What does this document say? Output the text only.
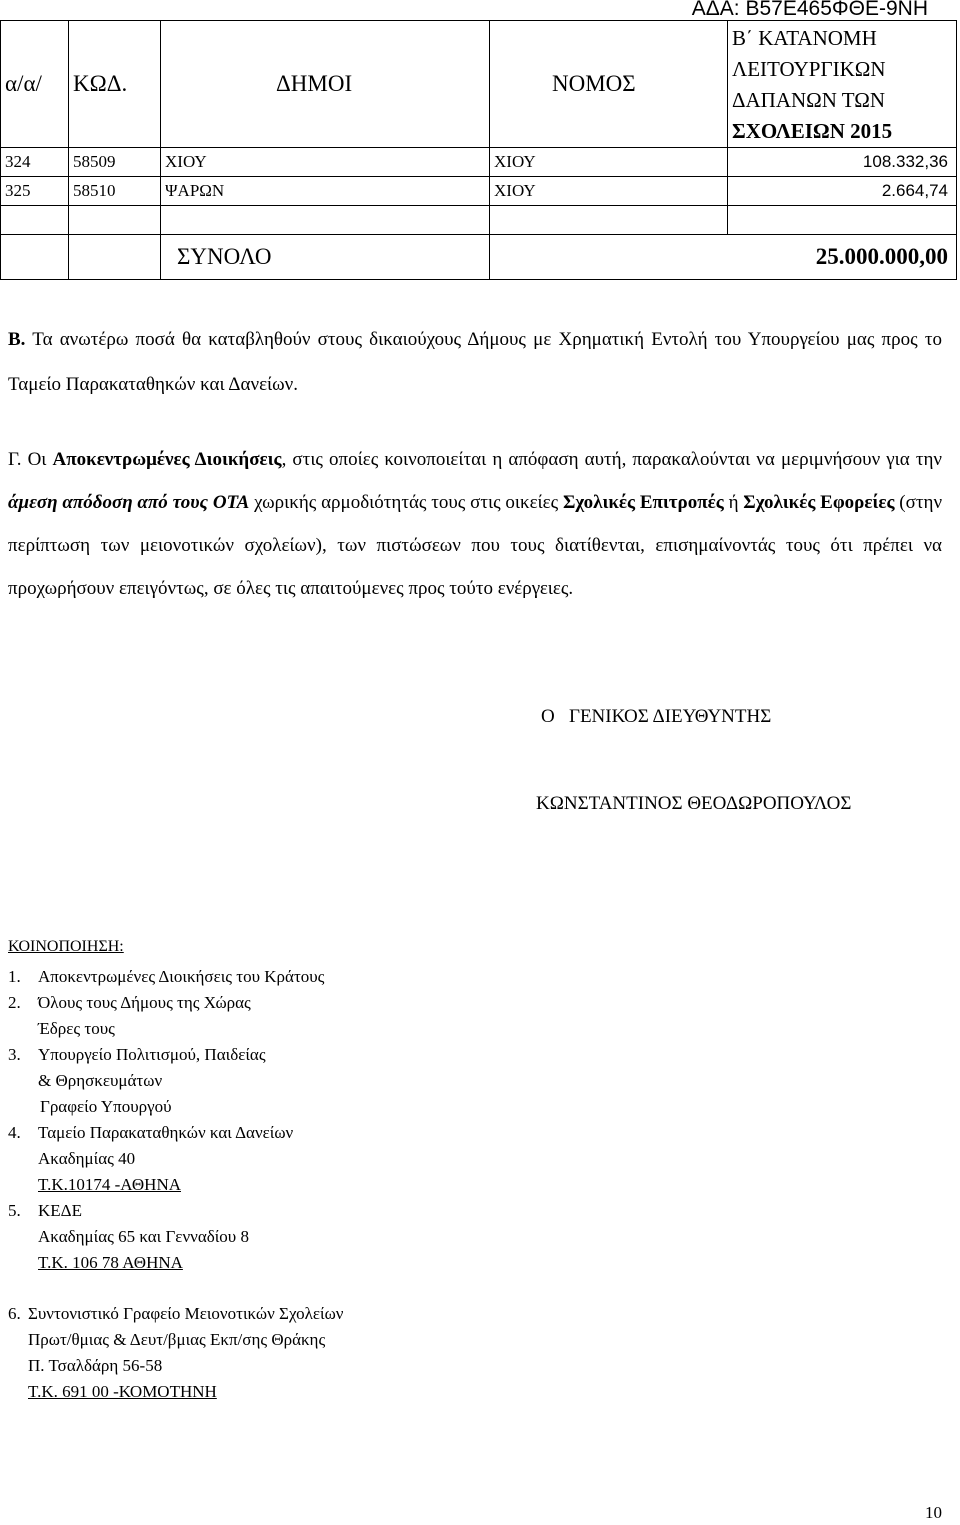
ΑΔΑ: Β57Ε465ΦΘΕ-9ΝΗ
α/α/	ΚΩΔ.	ΔΗΜΟΙ	ΝΟΜΟΣ	Β΄ ΚΑΤΑΝΟΜΗ
ΛΕΙΤΟΥΡΓΙΚΩΝ
ΔΑΠΑΝΩΝ ΤΩΝ
ΣΧΟΛΕΙΩΝ 2015

324	58509	ΧΙΟΥ	ΧΙΟΥ	108.332,36
325	58510	ΨΑΡΩΝ	ΧΙΟΥ	2.664,74

		ΣΥΝΟΛΟ	25.000.000,00	

Β. Τα ανωτέρω ποσά θα καταβληθούν στους δικαιούχους Δήμους με Χρηματική Εντολή του Υπουργείου μας προς το Ταμείο Παρακαταθηκών και Δανείων.

Γ. Οι Αποκεντρωμένες Διοικήσεις, στις οποίες κοινοποιείται η απόφαση αυτή, παρακαλούνται να μεριμνήσουν για την άμεση απόδοση από τους ΟΤΑ χωρικής αρμοδιότητάς τους στις οικείες Σχολικές Επιτροπές ή Σχολικές Εφορείες (στην περίπτωση των μειονοτικών σχολείων), των πιστώσεων που τους διατίθενται, επισημαίνοντάς τους ότι πρέπει να προχωρήσουν επειγόντως, σε όλες τις απαιτούμενες προς τούτο ενέργειες.

Ο   ΓΕΝΙΚΟΣ ΔΙΕΥΘΥΝΤΗΣ
ΚΩΝΣΤΑΝΤΙΝΟΣ ΘΕΟΔΩΡΟΠΟΥΛΟΣ
ΚΟΙΝΟΠΟΙΗΣΗ:
1. Αποκεντρωμένες Διοικήσεις του Κράτους
2. Όλους τους Δήμους της Χώρας
Έδρες τους
3. Υπουργείο Πολιτισμού, Παιδείας
& Θρησκευμάτων
Γραφείο Υπουργού
4. Ταμείο Παρακαταθηκών και Δανείων
Ακαδημίας 40
Τ.Κ.10174 -ΑΘΗΝΑ
5. ΚΕΔΕ
Ακαδημίας 65 και Γενναδίου 8
Τ.Κ. 106 78 ΑΘΗΝΑ
6. Συντονιστικό Γραφείο Μειονοτικών Σχολείων
Πρωτ/θμιας & Δευτ/βμιας Εκπ/σης Θράκης
Π. Τσαλδάρη 56-58
Τ.Κ. 691 00 -ΚΟΜΟΤΗΝΗ
10
